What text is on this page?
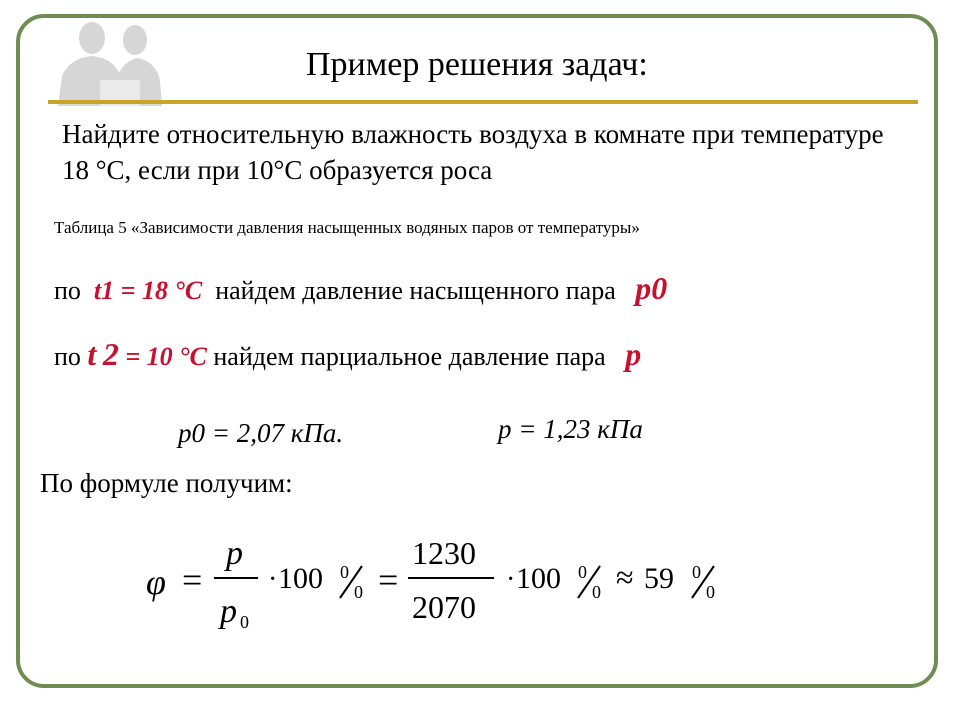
Пример решения задач:
Найдите относительную влажность воздуха в комнате при температуре 18 °С, если при 10°С образуется роса
Таблица 5 «Зависимости давления насыщенных водяных паров от температуры»
по t1 = 18 °C найдем давление насыщенного пара p0
по t 2 = 10 °C найдем парциальное давление пара p
p0 = 2,07 кПа.	p = 1,23 кПа
По формуле получим:
φ =
p
p 0
· 100 0
0 =
1230
2070
· 100 0
0 ≈ 59 0
0
